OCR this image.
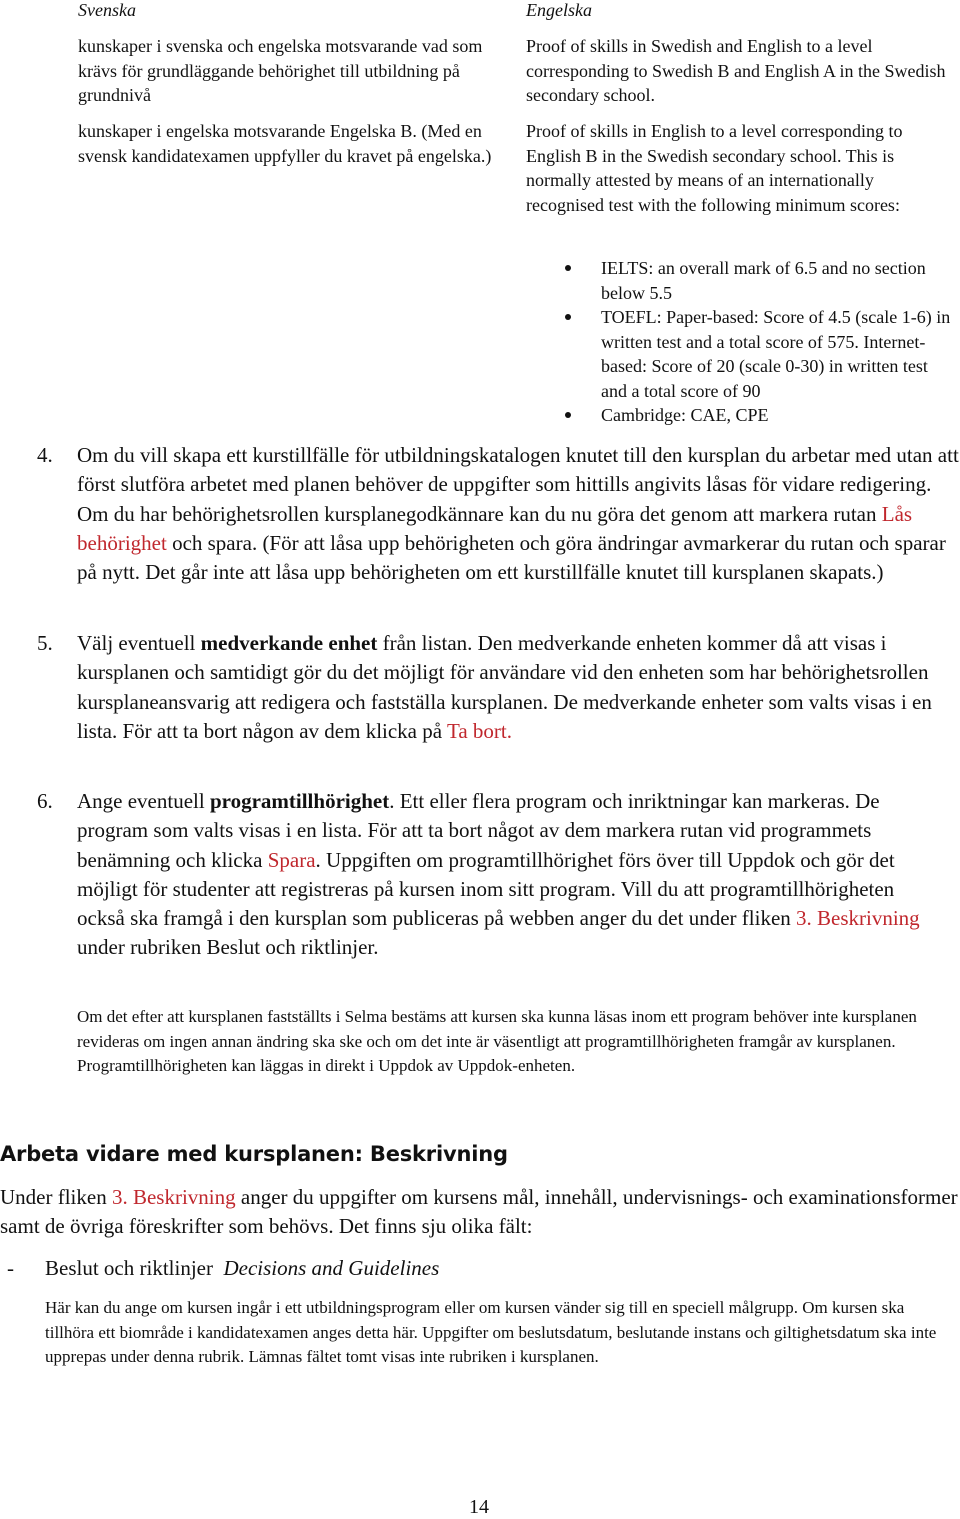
Svenska	Engelska
kunskaper i svenska och engelska motsvarande vad som krävs för grundläggande behörighet till utbildning på grundnivå
kunskaper i engelska motsvarande Engelska B. (Med en svensk kandidatexamen uppfyller du kravet på engelska.)
Proof of skills in Swedish and English to a level corresponding to Swedish B and English A in the Swedish secondary school.
Proof of skills in English to a level corresponding to English B in the Swedish secondary school. This is normally attested by means of an internationally recognised test with the following minimum scores:
IELTS: an overall mark of 6.5 and no section below 5.5
TOEFL: Paper-based: Score of 4.5 (scale 1-6) in written test and a total score of 575. Internet-based: Score of 20 (scale 0-30) in written test and a total score of 90
Cambridge: CAE, CPE
4. Om du vill skapa ett kurstillfälle för utbildningskatalogen knutet till den kursplan du arbetar med utan att först slutföra arbetet med planen behöver de uppgifter som hittills angivits låsas för vidare redigering. Om du har behörighetsrollen kursplanegodkännare kan du nu göra det genom att markera rutan Lås behörighet och spara. (För att låsa upp behörigheten och göra ändringar avmarkerar du rutan och sparar på nytt. Det går inte att låsa upp behörigheten om ett kurstillfälle knutet till kursplanen skapats.)
5. Välj eventuell medverkande enhet från listan. Den medverkande enheten kommer då att visas i kursplanen och samtidigt gör du det möjligt för användare vid den enheten som har behörighetsrollen kursplaneansvarig att redigera och fastställa kursplanen. De medverkande enheter som valts visas i en lista. För att ta bort någon av dem klicka på Ta bort.
6. Ange eventuell programtillhörighet. Ett eller flera program och inriktningar kan markeras. De program som valts visas i en lista. För att ta bort något av dem markera rutan vid programmets benämning och klicka Spara. Uppgiften om programtillhörighet förs över till Uppdok och gör det möjligt för studenter att registreras på kursen inom sitt program. Vill du att programtillhörigheten också ska framgå i den kursplan som publiceras på webben anger du det under fliken 3. Beskrivning under rubriken Beslut och riktlinjer.
Om det efter att kursplanen fastställts i Selma bestäms att kursen ska kunna läsas inom ett program behöver inte kursplanen revideras om ingen annan ändring ska ske och om det inte är väsentligt att programtillhörigheten framgår av kursplanen. Programtillhörigheten kan läggas in direkt i Uppdok av Uppdok-enheten.
Arbeta vidare med kursplanen: Beskrivning
Under fliken 3. Beskrivning anger du uppgifter om kursens mål, innehåll, undervisnings- och examinationsformer samt de övriga föreskrifter som behövs. Det finns sju olika fält:
-	Beslut och riktlinjer Decisions and Guidelines
Här kan du ange om kursen ingår i ett utbildningsprogram eller om kursen vänder sig till en speciell målgrupp. Om kursen ska tillhöra ett biområde i kandidatexamen anges detta här. Uppgifter om beslutsdatum, beslutande instans och giltighetsdatum ska inte upprepas under denna rubrik. Lämnas fältet tomt visas inte rubriken i kursplanen.
14
